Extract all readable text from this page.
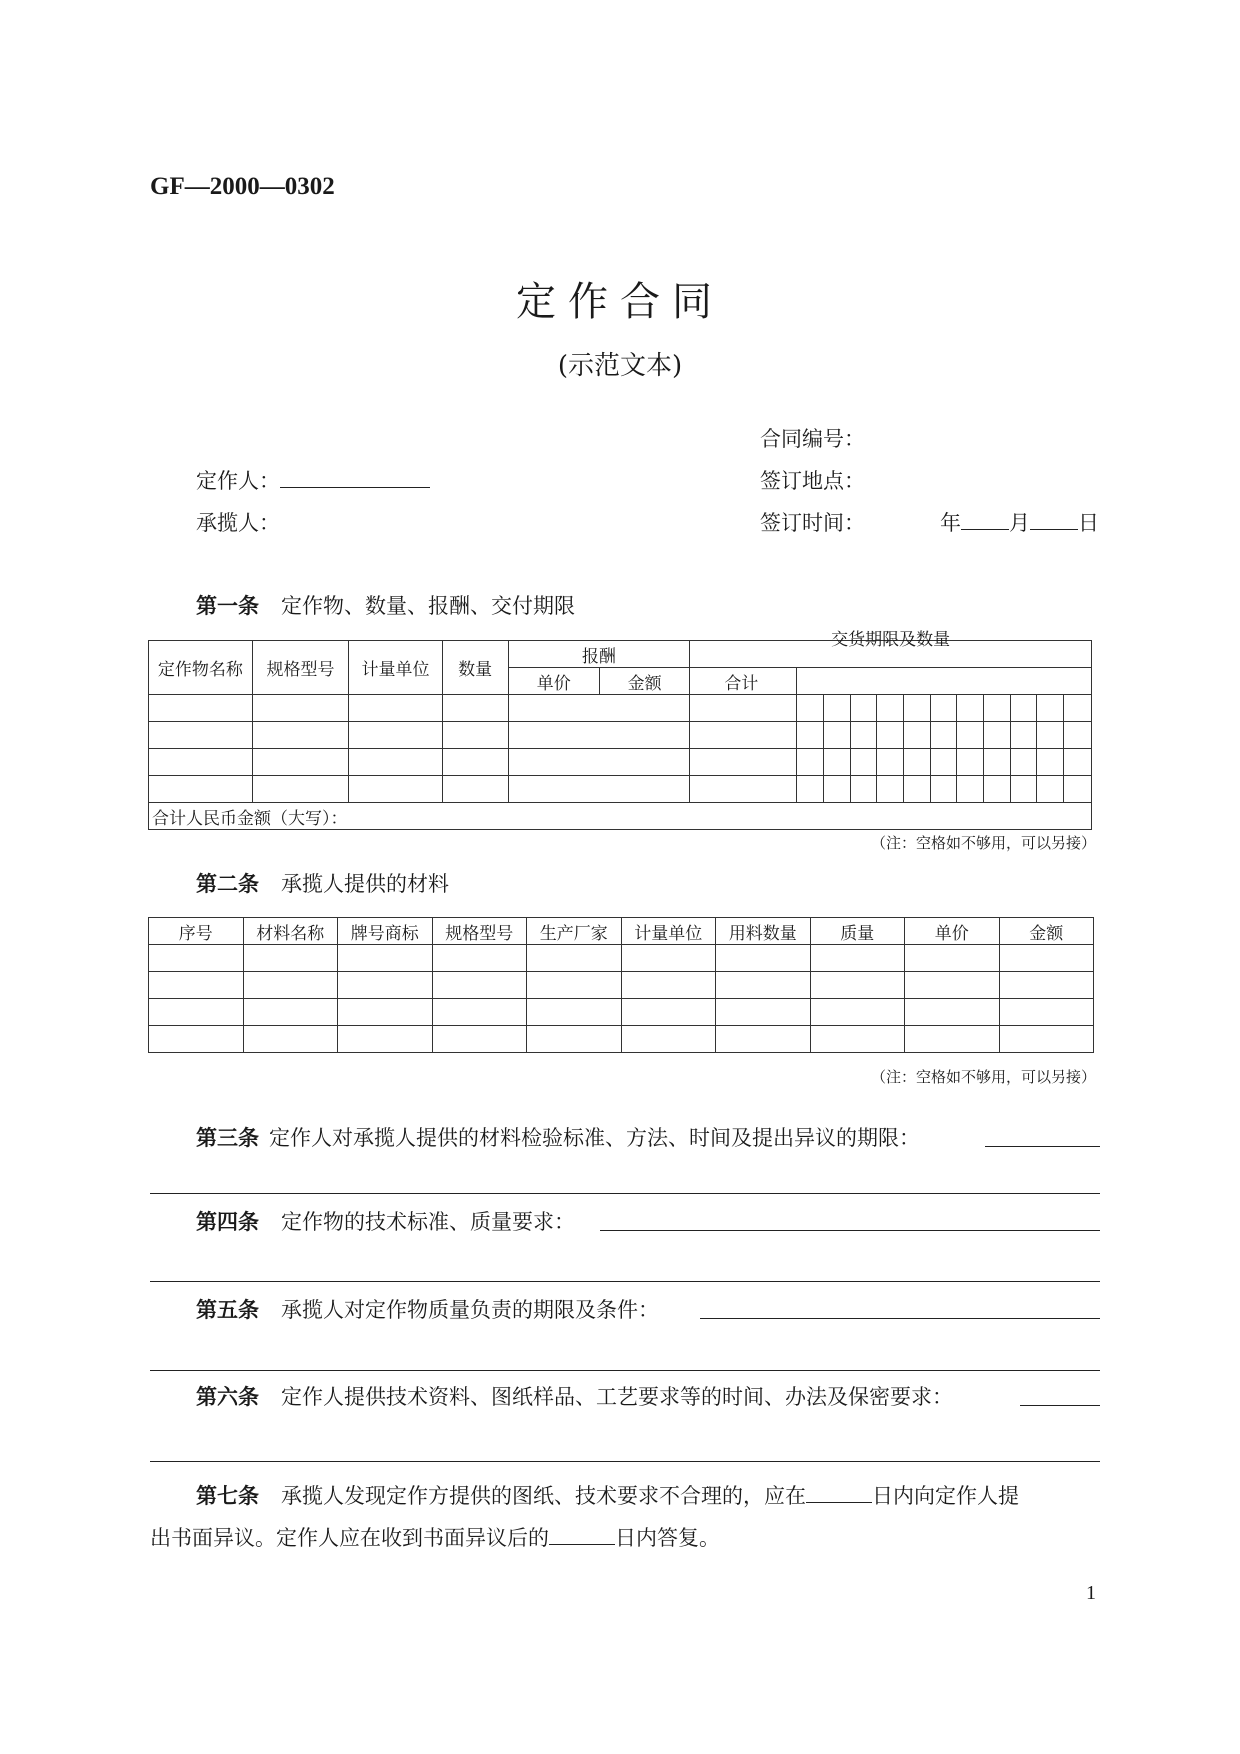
GF—2000—0302
定作合同
(示范文本)
合同编号：
定作人：	签订地点：
承揽人：	签订时间：	年 月 日
第一条 定作物、数量、报酬、交付期限
定作物名称	规格型号	计量单位	数量	报酬		交货期限及数量											
				单价	金额	合计											

合计人民币金额（大写）：																	
（注：空格如不够用，可以另接）
第二条 承揽人提供的材料
序号	材料名称	牌号商标	规格型号	生产厂家	计量单位	用料数量	质量	单价	金额

（注：空格如不够用，可以另接）
第三条 定作人对承揽人提供的材料检验标准、方法、时间及提出异议的期限：
第四条 定作物的技术标准、质量要求：
第五条 承揽人对定作物质量负责的期限及条件：
第六条 定作人提供技术资料、图纸样品、工艺要求等的时间、办法及保密要求：
第七条 承揽人发现定作方提供的图纸、技术要求不合理的，应在	日内向定作人提
出书面异议。定作人应在收到书面异议后的	日内答复。
1
